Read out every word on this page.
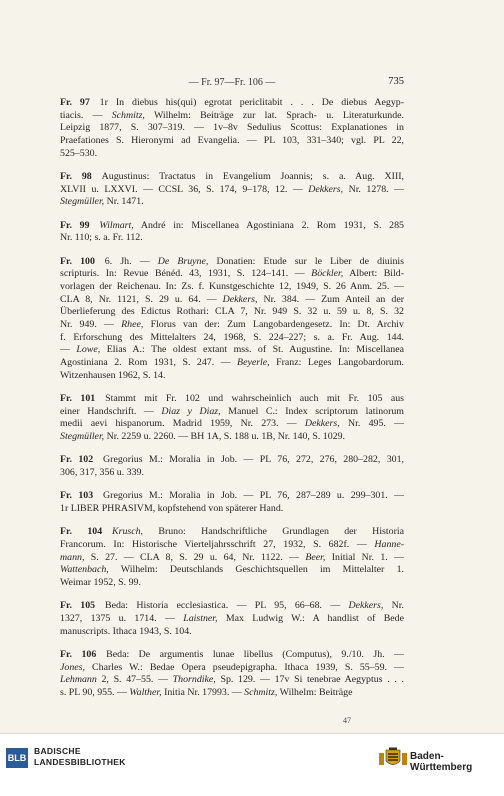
— Fr. 97—Fr. 106 —	735
Fr. 97  1r In diebus his(qui) egrotat periclitabit . . . De diebus Aegyp-
tiacis. — Schmitz, Wilhelm: Beiträge zur lat. Sprach- u. Literaturkunde.
Leipzig 1877, S. 307–319. — 1v–8v Sedulius Scottus: Explanationes in
Praefationes S. Hieronymi ad Evangelia. — PL 103, 331–340; vgl. PL 22,
525–530.
Fr. 98  Augustinus: Tractatus in Evangelium Joannis; s. a. Aug. XIII,
XLVII u. LXXVI. — CCSL 36, S. 174, 9–178, 12. — Dekkers, Nr. 1278. —
Stegmüller, Nr. 1471.
Fr. 99  Wilmart, André in: Miscellanea Agostiniana 2. Rom 1931, S. 285
Nr. 110; s. a. Fr. 112.
Fr. 100  6. Jh. — De Bruyne, Donatien: Etude sur le Liber de diuinis
scripturis. In: Revue Bénéd. 43, 1931, S. 124–141. — Böckler, Albert: Bild-
vorlagen der Reichenau. In: Zs. f. Kunstgeschichte 12, 1949, S. 26 Anm. 25. —
CLA 8, Nr. 1121, S. 29 u. 64. — Dekkers, Nr. 384. — Zum Anteil an der
Überlieferung des Edictus Rothari: CLA 7, Nr. 949 S. 32 u. 59 u. 8, S. 32
Nr. 949. — Rhee, Florus van der: Zum Langobardengesetz. In: Dt. Archiv
f. Erforschung des Mittelalters 24, 1968, S. 224–227; s. a. Fr. Aug. 144.
— Lowe, Elias A.: The oldest extant mss. of St. Augustine. In: Miscellanea
Agostiniana 2. Rom 1931, S. 247. — Beyerle, Franz: Leges Langobardorum.
Witzenhausen 1962, S. 14.
Fr. 101  Stammt mit Fr. 102 und wahrscheinlich auch mit Fr. 105 aus
einer Handschrift. — Diaz y Diaz, Manuel C.: Index scriptorum latinorum
medii aevi hispanorum. Madrid 1959, Nr. 273. — Dekkers, Nr. 495. —
Stegmüller, Nr. 2259 u. 2260. — BH 1A, S. 188 u. 1B, Nr. 140, S. 1029.
Fr. 102  Gregorius M.: Moralia in Job. — PL 76, 272, 276, 280–282, 301,
306, 317, 356 u. 339.
Fr. 103  Gregorius M.: Moralia in Job. — PL 76, 287–289 u. 299–301. —
1r LIBER PHRASIVM, kopfstehend von späterer Hand.
Fr. 104  Krusch, Bruno: Handschriftliche Grundlagen der Historia
Francorum. In: Historische Vierteljahrsschrift 27, 1932, S. 682f. — Hanne-
mann, S. 27. — CLA 8, S. 29 u. 64, Nr. 1122. — Beer, Initial Nr. 1. —
Wattenbach, Wilhelm: Deutschlands Geschichtsquellen im Mittelalter 1.
Weimar 1952, S. 99.
Fr. 105  Beda: Historia ecclesiastica. — PL 95, 66–68. — Dekkers, Nr.
1327, 1375 u. 1714. — Laistner, Max Ludwig W.: A handlist of Bede
manuscripts. Ithaca 1943, S. 104.
Fr. 106  Beda: De argumentis lunae libellus (Computus), 9./10. Jh. —
Jones, Charles W.: Bedae Opera pseudepigrapha. Ithaca 1939, S. 55–59. —
Lehmann 2, S. 47–55. — Thorndike, Sp. 129. — 17v Si tenebrae Aegyptus . . .
s. PL 90, 955. — Walther, Initia Nr. 17993. — Schmitz, Wilhelm: Beiträge
47
BLB
BADISCHE
LANDESBIBLIOTHEK	Baden-Württemberg
